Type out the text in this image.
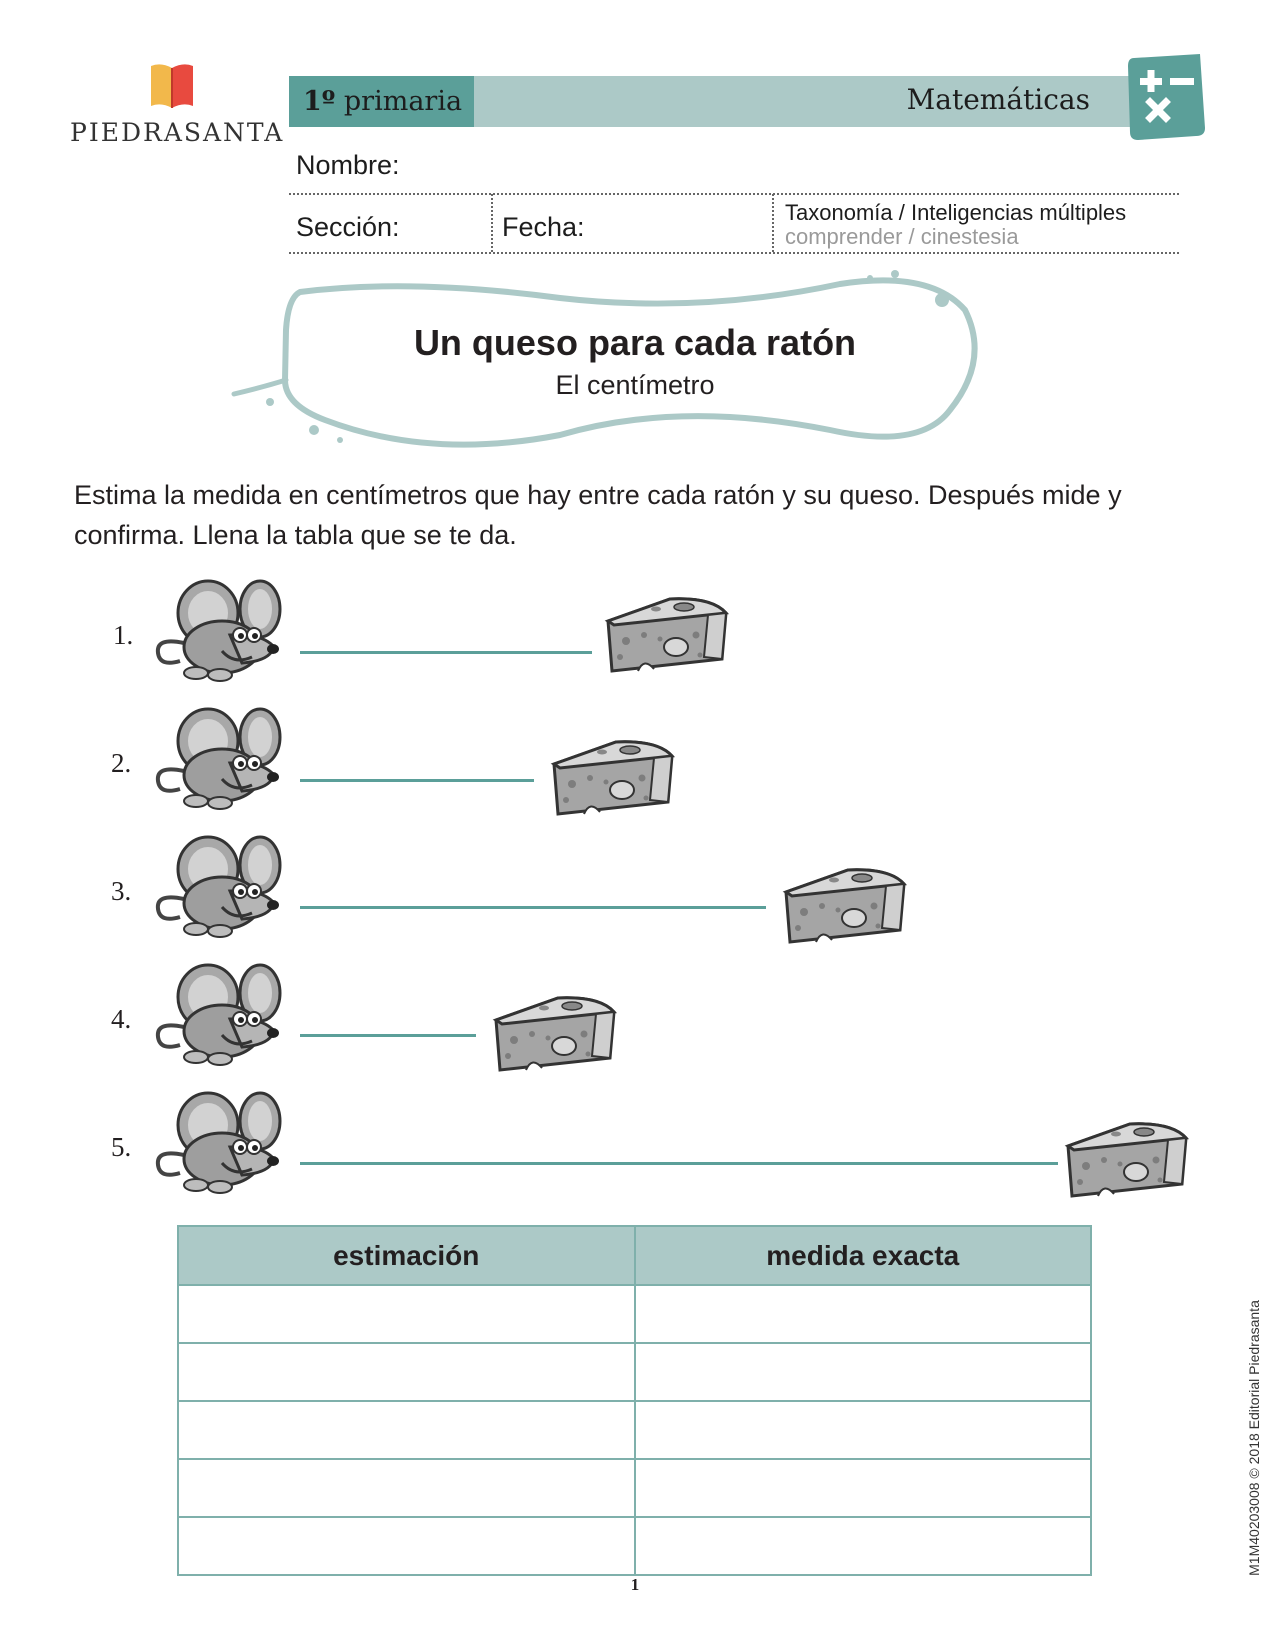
PIEDRASANTA
1º primaria	Matemáticas
Nombre:
Sección:	Fecha:	Taxonomía / Inteligencias múltiples
comprender / cinestesia
Un queso para cada ratón
El centímetro
Estima la medida en centímetros que hay entre cada ratón y su queso. Después mide y confirma. Llena la tabla que se te da.
1.
2.
3.
4.
5.
estimación	medida exacta

1
M1M40203008 © 2018 Editorial Piedrasanta
